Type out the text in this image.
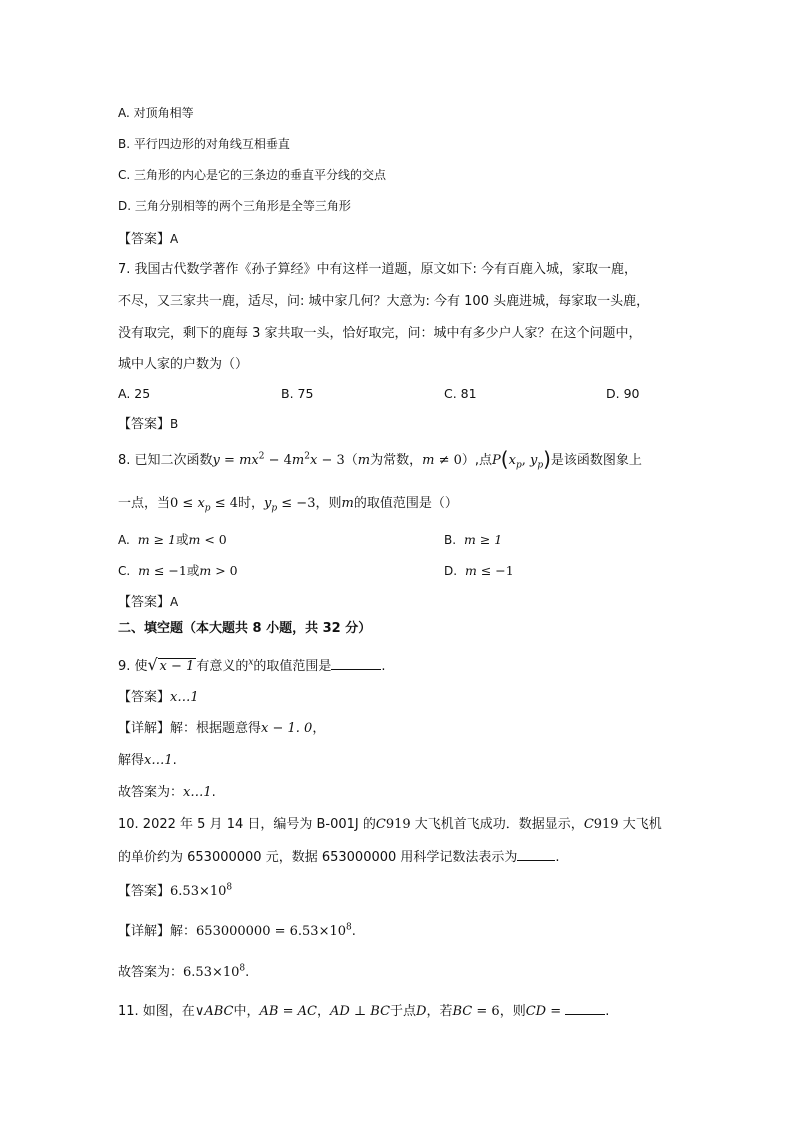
A. 对顶角相等
B. 平行四边形的对角线互相垂直
C. 三角形的内心是它的三条边的垂直平分线的交点
D. 三角分别相等的两个三角形是全等三角形
【答案】A
7. 我国古代数学著作《孙子算经》中有这样一道题，原文如下: 今有百鹿入城，家取一鹿，
不尽，又三家共一鹿，适尽，问: 城中家几何？大意为: 今有 100 头鹿进城，每家取一头鹿，
没有取完，剩下的鹿每 3 家共取一头，恰好取完，问：城中有多少户人家？在这个问题中，
城中人家的户数为（）
A. 25	B. 75	C. 81	D. 90
【答案】B
8. 已知二次函数$y = mx^2 - 4m^2x - 3(m$为常数，m ≠ 0）,点$P(x_p$, $y_p$)是该函数图象上
一点，当$0 \le x_p \le 4$时，$y_p \le -3$，则m的取值范围是（）
A. m ≥ 1或m < 0	B. m ≥ 1
C. m ≤ −1或m > 0	D. m ≤ −1
【答案】A
二、填空题（本大题共 8 小题，共 32 分）
9. 使 √ x − 1 有意义的$^x$的取值范围是	.
【答案】x…1
【详解】解：根据题意得x − 1. 0，
解得x…1.
故答案为：x…1.
10. 2022 年 5 月 14 日，编号为 B-001J 的C919 大飞机首飞成功．数据显示，C919 大飞机
的单价约为 653000000 元，数据 653000000 用科学记数法表示为	.
【答案】$6.53\times 10^8$
【详解】解：$653000000 = 6.53\times 10^8$.
故答案为：$6.53\times 10^8$.
11. 如图，在∨ABC中，AB = AC，AD ⊥ BC于点D，若BC = 6，则CD =	.
